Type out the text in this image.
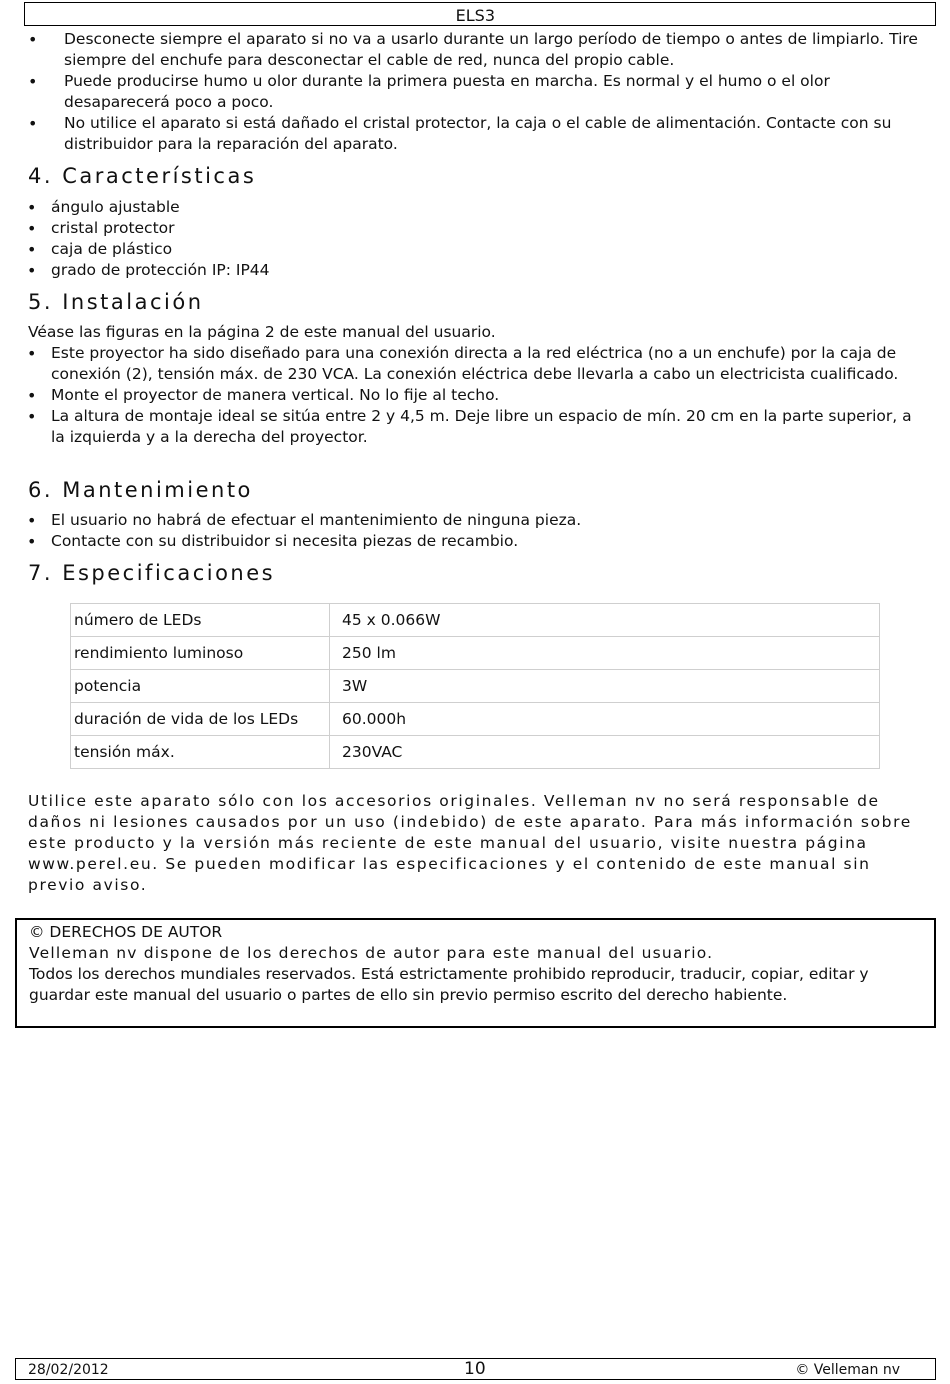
ELS3
• Desconecte siempre el aparato si no va a usarlo durante un largo período de tiempo o antes de limpiarlo. Tire siempre del enchufe para desconectar el cable de red, nunca del propio cable.
• Puede producirse humo u olor durante la primera puesta en marcha. Es normal y el humo o el olor desaparecerá poco a poco.
• No utilice el aparato si está dañado el cristal protector, la caja o el cable de alimentación. Contacte con su distribuidor para la reparación del aparato.
4. Características
• ángulo ajustable
• cristal protector
• caja de plástico
• grado de protección IP: IP44
5. Instalación

Véase las figuras en la página 2 de este manual del usuario.

• Este proyector ha sido diseñado para una conexión directa a la red eléctrica (no a un enchufe) por la caja de conexión (2), tensión máx. de 230 VCA. La conexión eléctrica debe llevarla a cabo un electricista cualificado.
• Monte el proyector de manera vertical. No lo fije al techo.
• La altura de montaje ideal se sitúa entre 2 y 4,5 m. Deje libre un espacio de mín. 20 cm en la parte superior, a la izquierda y a la derecha del proyector.
6. Mantenimiento
• El usuario no habrá de efectuar el mantenimiento de ninguna pieza.
• Contacte con su distribuidor si necesita piezas de recambio.
7. Especificaciones
número de LEDs	45 x 0.066W
rendimiento luminoso	250 lm
potencia	3W
duración de vida de los LEDs	60.000h
tensión máx.	230VAC

Utilice este aparato sólo con los accesorios originales. Velleman nv no será responsable de daños ni lesiones causados por un uso (indebido) de este aparato. Para más información sobre este producto y la versión más reciente de este manual del usuario, visite nuestra página www.perel.eu. Se pueden modificar las especificaciones y el contenido de este manual sin previo aviso.

© DERECHOS DE AUTOR

Velleman nv dispone de los derechos de autor para este manual del usuario.

Todos los derechos mundiales reservados. Está estrictamente prohibido reproducir, traducir, copiar, editar y guardar este manual del usuario o partes de ello sin previo permiso escrito del derecho habiente.

28/02/2012	10	© Velleman nv
